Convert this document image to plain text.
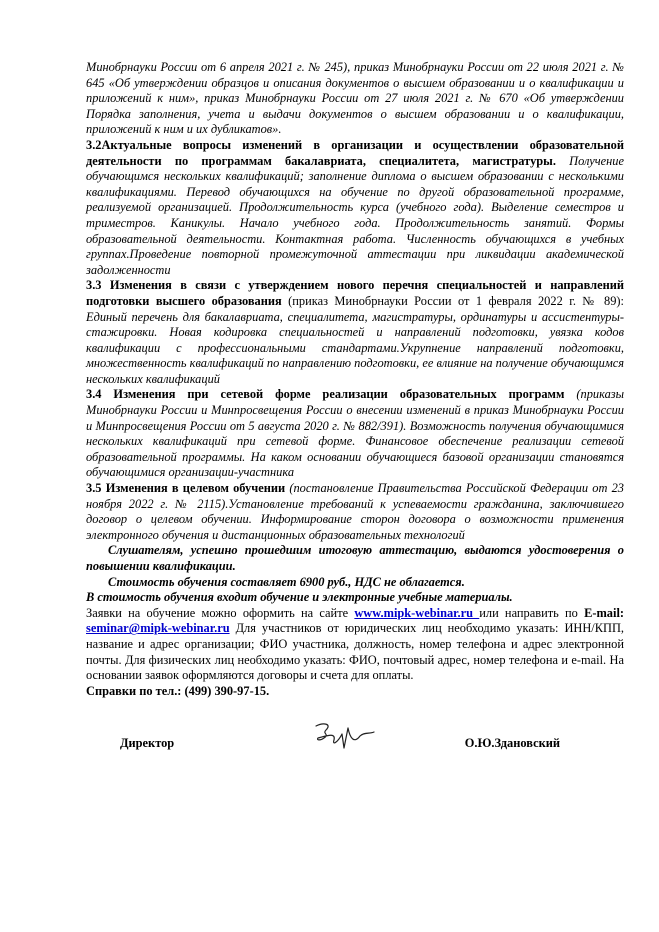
Минобрнауки России от 6 апреля 2021 г. № 245), приказ Минобрнауки России от 22 июля 2021 г. № 645 «Об утверждении образцов и описания документов о высшем образовании и о квалификации и приложений к ним», приказ Минобрнауки России от 27 июля 2021 г. № 670 «Об утверждении Порядка заполнения, учета и выдачи документов о высшем образовании и о квалификации, приложений к ним и их дубликатов».

3.2Актуальные вопросы изменений в организации и осуществлении образовательной деятельности по программам бакалавриата, специалитета, магистратуры. Получение обучающимся нескольких квалификаций; заполнение диплома о высшем образовании с несколькими квалификациями. Перевод обучающихся на обучение по другой образовательной программе, реализуемой организацией. Продолжительность курса (учебного года). Выделение семестров и триместров. Каникулы. Начало учебного года. Продолжительность занятий. Формы образовательной деятельности. Контактная работа. Численность обучающихся в учебных группах.Проведение повторной промежуточной аттестации при ликвидации академической задолженности

3.3 Изменения в связи с утверждением нового перечня специальностей и направлений подготовки высшего образования (приказ Минобрнауки России от 1 февраля 2022 г. № 89): Единый перечень для бакалавриата, специалитета, магистратуры, ординатуры и ассистентуры-стажировки. Новая кодировка специальностей и направлений подготовки, увязка кодов квалификации с профессиональными стандартами.Укрупнение направлений подготовки, множественность квалификаций по направлению подготовки, ее влияние на получение обучающимся нескольких квалификаций

3.4 Изменения при сетевой форме реализации образовательных программ (приказы Минобрнауки России и Минпросвещения России о внесении изменений в приказ Минобрнауки России и Минпросвещения России от 5 августа 2020 г. № 882/391). Возможность получения обучающимися нескольких квалификаций при сетевой форме. Финансовое обеспечение реализации сетевой образовательной программы. На каком основании обучающиеся базовой организации становятся обучающимися организации-участника

3.5 Изменения в целевом обучении (постановление Правительства Российской Федерации от 23 ноября 2022 г. № 2115).Установление требований к успеваемости гражданина, заключившего договор о целевом обучении. Информирование сторон договора о возможности применения электронного обучения и дистанционных образовательных технологий

Слушателям, успешно прошедшим итоговую аттестацию, выдаются удостоверения о повышении квалификации.

Стоимость обучения составляет 6900 руб., НДС не облагается.

В стоимость обучения входит обучение и электронные учебные материалы.

Заявки на обучение можно оформить на сайте www.mipk-webinar.ru или направить по E-mail: seminar@mipk-webinar.ru Для участников от юридических лиц необходимо указать: ИНН/КПП, название и адрес организации; ФИО участника, должность, номер телефона и адрес электронной почты. Для физических лиц необходимо указать: ФИО, почтовый адрес, номер телефона и e-mail. На основании заявок оформляются договоры и счета для оплаты.

Справки по тел.: (499) 390-97-15.

Директор	О.Ю.Здановский
